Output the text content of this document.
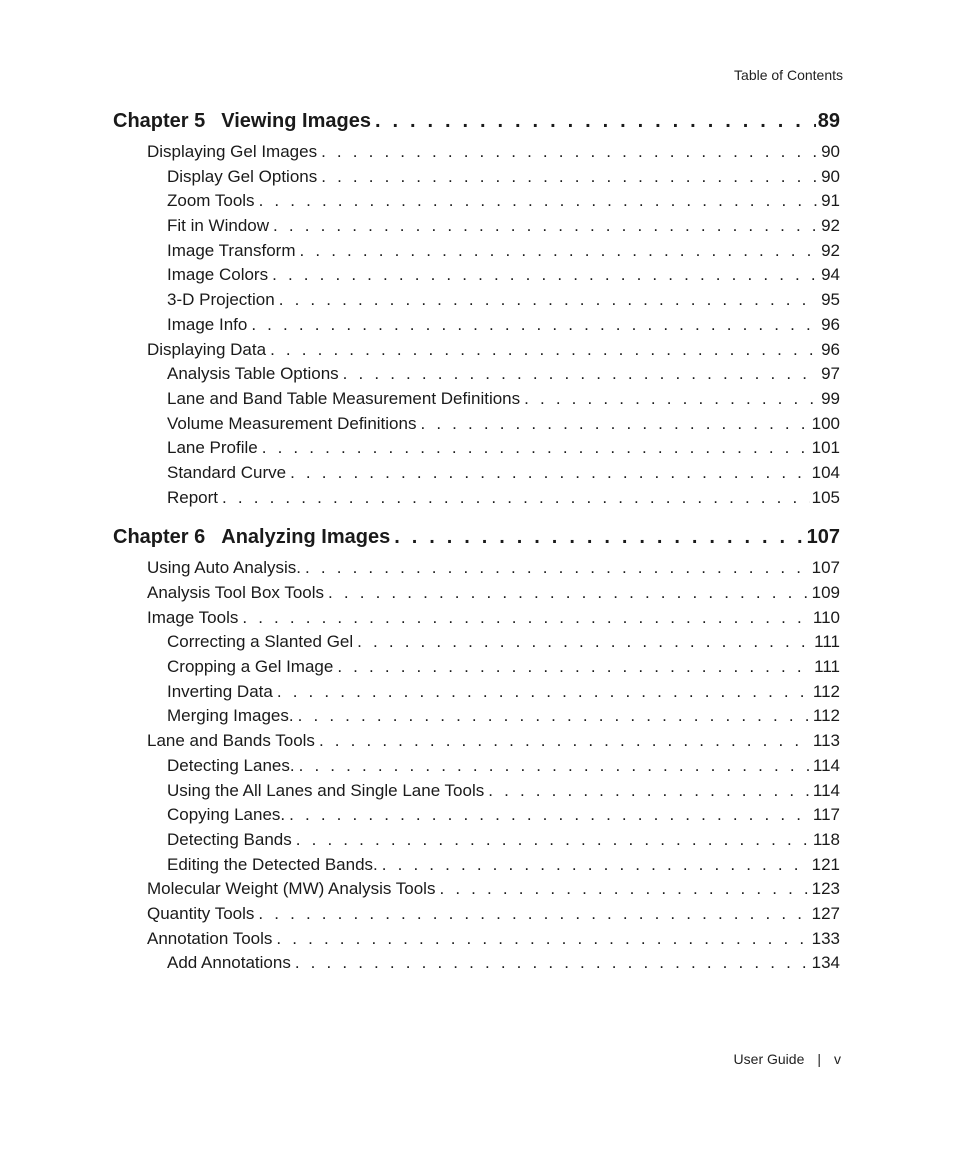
Table of Contents
Chapter 5 Viewing Images . . .	89
Displaying Gel Images . . .	90
Display Gel Options . . .	90
Zoom Tools . . .	91
Fit in Window . . .	92
Image Transform . . .	92
Image Colors . . .	94
3-D Projection . . .	95
Image Info . . .	96
Displaying Data . . .	96
Analysis Table Options . . .	97
Lane and Band Table Measurement Definitions . . .	99
Volume Measurement Definitions . . .	100
Lane Profile . . .	101
Standard Curve . . .	104
Report . . .	105
Chapter 6 Analyzing Images . . .	107
Using Auto Analysis. . . .	107
Analysis Tool Box Tools . . .	109
Image Tools . . .	110
Correcting a Slanted Gel . . .	111
Cropping a Gel Image . . .	111
Inverting Data . . .	112
Merging Images. . . .	112
Lane and Bands Tools . . .	113
Detecting Lanes. . . .	114
Using the All Lanes and Single Lane Tools . . .	114
Copying Lanes. . . .	117
Detecting Bands . . .	118
Editing the Detected Bands. . . .	121
Molecular Weight (MW) Analysis Tools . . .	123
Quantity Tools . . .	127
Annotation Tools . . .	133
Add Annotations . . .	134
User Guide | v
